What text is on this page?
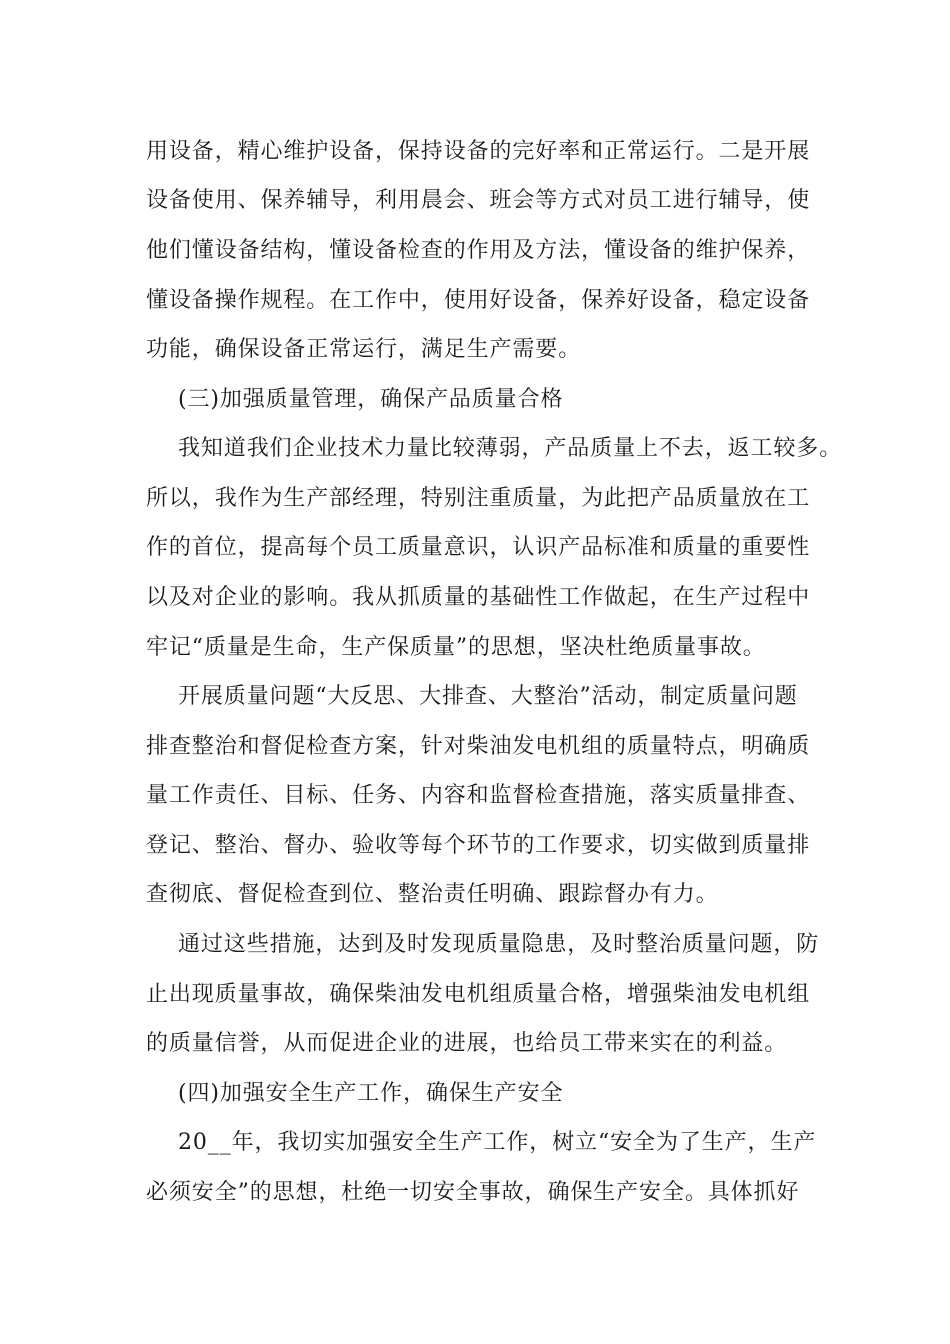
用设备，精心维护设备，保持设备的完好率和正常运行。二是开展

设备使用、保养辅导，利用晨会、班会等方式对员工进行辅导，使

他们懂设备结构，懂设备检查的作用及方法，懂设备的维护保养，

懂设备操作规程。在工作中，使用好设备，保养好设备，稳定设备

功能，确保设备正常运行，满足生产需要。

(三)加强质量管理，确保产品质量合格

我知道我们企业技术力量比较薄弱，产品质量上不去，返工较多。

所以，我作为生产部经理，特别注重质量，为此把产品质量放在工

作的首位，提高每个员工质量意识，认识产品标准和质量的重要性

以及对企业的影响。我从抓质量的基础性工作做起，在生产过程中

牢记“质量是生命，生产保质量”的思想，坚决杜绝质量事故。

开展质量问题“大反思、大排查、大整治”活动，制定质量问题

排查整治和督促检查方案，针对柴油发电机组的质量特点，明确质

量工作责任、目标、任务、内容和监督检查措施，落实质量排查、

登记、整治、督办、验收等每个环节的工作要求，切实做到质量排

查彻底、督促检查到位、整治责任明确、跟踪督办有力。

通过这些措施，达到及时发现质量隐患，及时整治质量问题，防

止出现质量事故，确保柴油发电机组质量合格，增强柴油发电机组

的质量信誉，从而促进企业的进展，也给员工带来实在的利益。

(四)加强安全生产工作，确保生产安全

20__年，我切实加强安全生产工作，树立“安全为了生产，生产

必须安全”的思想，杜绝一切安全事故，确保生产安全。具体抓好
